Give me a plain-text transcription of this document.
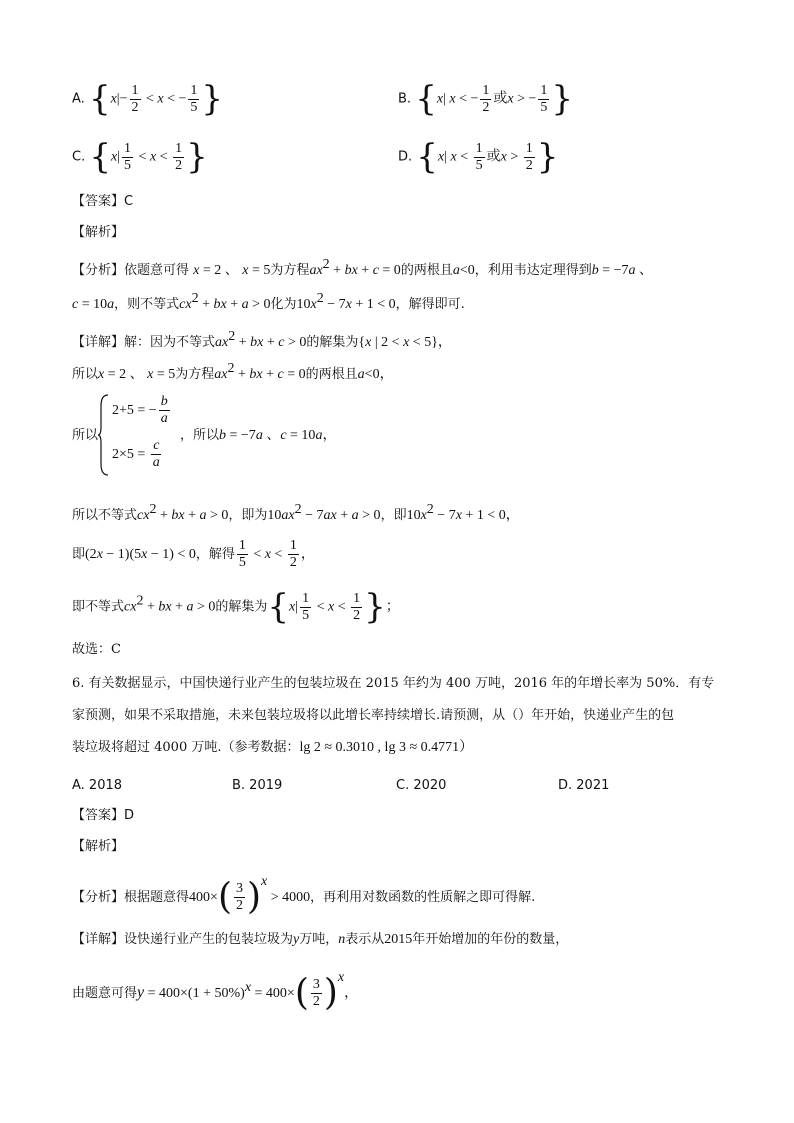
A. {$x|- \frac{1}{2} < x$ < − $\frac{1}{5}$ }	B. {x| x < − $\frac{1}{2}$ 或x > − $\frac{1}{5}$ }
C. {$x| \frac{1}{5} < x < \frac{1}{2}$ }	D. {x| $x < \frac{1}{5}$ 或$x > \frac{1}{2}$ }
【答案】C
【解析】
【分析】依题意可得 x = 2 、 x = 5为方程$ax^2$ + bx + c = 0的两根且a<0，利用韦达定理得到b = −7a 、
c = 10a，则不等式$cx^2$ + bx + a > 0化为$10x^2 - 7x + 1 < 0$，解得即可.
【详解】解：因为不等式$ax^2$ + bx + c > 0的解集为{x | 2 < x < 5}，
所以x = 2 、 x = 5为方程$ax^2$ + bx + c = 0的两根且a<0，
所以
2+5 = − $\frac{b}{a}$
$2\times 5 = \frac{c}{a}$
，所以b = −7a 、c = 10a，
所以不等式$cx^2$ + bx + a > 0，即为$10ax^2 - 7ax + a > 0$，即$10x^2 - 7x + 1 < 0$，
即(2x − 1)(5x − 1) < 0，解得 $\frac{1}{5} < x < \frac{1}{2}$ ，
即不等式$cx^2$ + bx + a > 0的解集为{$x| \frac{1}{5} < x < \frac{1}{2}$ }；
故选：C
6. 有关数据显示，中国快递行业产生的包装垃圾在 2015 年约为 400 万吨，2016 年的年增长率为 50%．有专
家预测，如果不采取措施，未来包装垃圾将以此增长率持续增长.请预测，从（）年开始，快递业产生的包
装垃圾将超过 4000 万吨.（参考数据：lg 2 ≈ 0.3010 , lg 3 ≈ 0.4771）
A. 2018	B. 2019	C. 2020	D. 2021
【答案】D
【解析】
【分析】根据题意得$400\times( \frac{3}{2} )^x > 4000$，再利用对数函数的性质解之即可得解.
【详解】设快递行业产生的包装垃圾为y万吨，n表示从2015年开始增加的年份的数量，
由题意可得$y = 400\times(1 + 50\%)^x = 400\times( \frac{3}{2} )^x$，
